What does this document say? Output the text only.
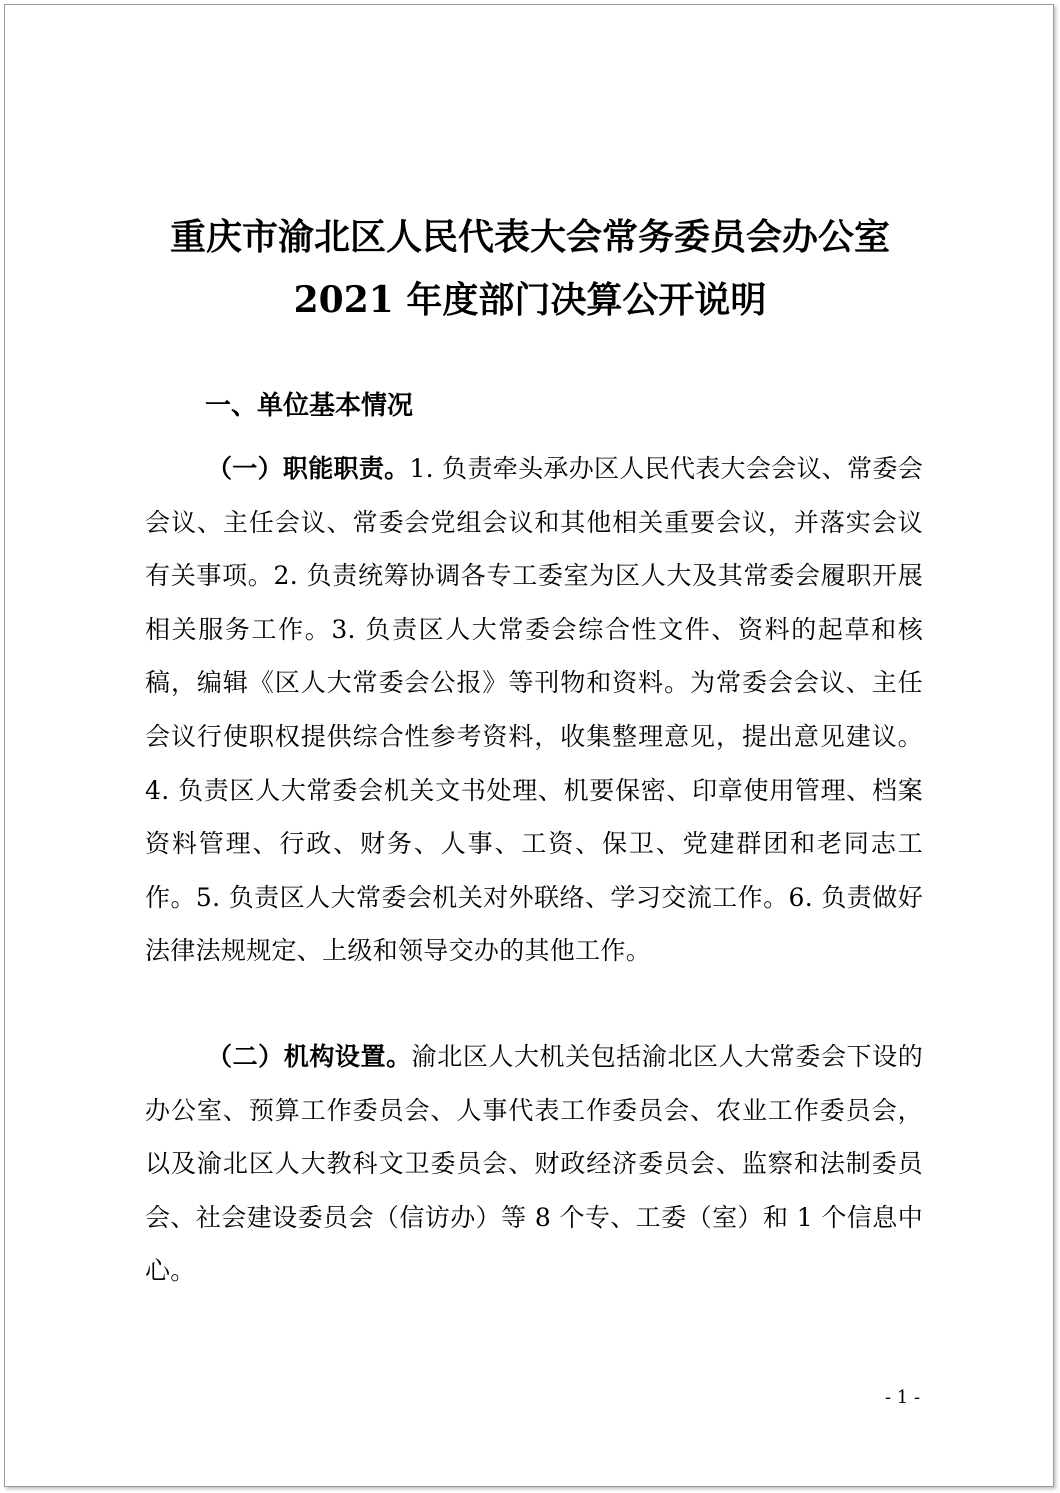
重庆市渝北区人民代表大会常务委员会办公室
2021 年度部门决算公开说明
一、单位基本情况

（一）职能职责。1. 负责牵头承办区人民代表大会会议、常委会会议、主任会议、常委会党组会议和其他相关重要会议，并落实会议有关事项。2. 负责统筹协调各专工委室为区人大及其常委会履职开展相关服务工作。3. 负责区人大常委会综合性文件、资料的起草和核稿，编辑《区人大常委会公报》等刊物和资料。为常委会会议、主任会议行使职权提供综合性参考资料，收集整理意见，提出意见建议。4. 负责区人大常委会机关文书处理、机要保密、印章使用管理、档案资料管理、行政、财务、人事、工资、保卫、党建群团和老同志工作。5. 负责区人大常委会机关对外联络、学习交流工作。6. 负责做好法律法规规定、上级和领导交办的其他工作。

（二）机构设置。渝北区人大机关包括渝北区人大常委会下设的办公室、预算工作委员会、人事代表工作委员会、农业工作委员会，以及渝北区人大教科文卫委员会、财政经济委员会、监察和法制委员会、社会建设委员会（信访办）等 8 个专、工委（室）和 1 个信息中心。

- 1 -
